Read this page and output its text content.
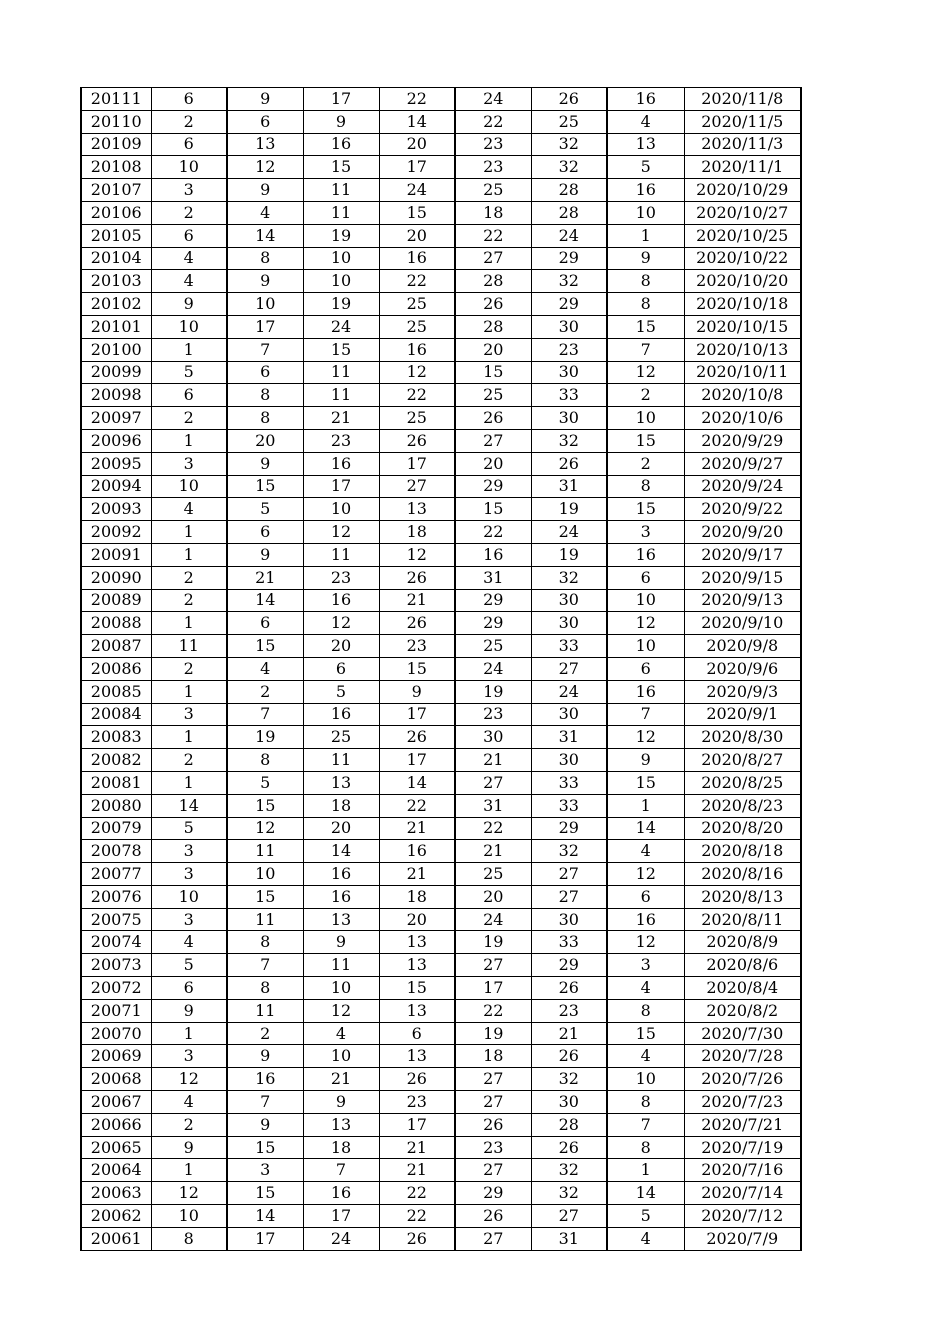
20111	6	9	17	22	24	26	16	2020/11/8
20110	2	6	9	14	22	25	4	2020/11/5
20109	6	13	16	20	23	32	13	2020/11/3
20108	10	12	15	17	23	32	5	2020/11/1
20107	3	9	11	24	25	28	16	2020/10/29
20106	2	4	11	15	18	28	10	2020/10/27
20105	6	14	19	20	22	24	1	2020/10/25
20104	4	8	10	16	27	29	9	2020/10/22
20103	4	9	10	22	28	32	8	2020/10/20
20102	9	10	19	25	26	29	8	2020/10/18
20101	10	17	24	25	28	30	15	2020/10/15
20100	1	7	15	16	20	23	7	2020/10/13
20099	5	6	11	12	15	30	12	2020/10/11
20098	6	8	11	22	25	33	2	2020/10/8
20097	2	8	21	25	26	30	10	2020/10/6
20096	1	20	23	26	27	32	15	2020/9/29
20095	3	9	16	17	20	26	2	2020/9/27
20094	10	15	17	27	29	31	8	2020/9/24
20093	4	5	10	13	15	19	15	2020/9/22
20092	1	6	12	18	22	24	3	2020/9/20
20091	1	9	11	12	16	19	16	2020/9/17
20090	2	21	23	26	31	32	6	2020/9/15
20089	2	14	16	21	29	30	10	2020/9/13
20088	1	6	12	26	29	30	12	2020/9/10
20087	11	15	20	23	25	33	10	2020/9/8
20086	2	4	6	15	24	27	6	2020/9/6
20085	1	2	5	9	19	24	16	2020/9/3
20084	3	7	16	17	23	30	7	2020/9/1
20083	1	19	25	26	30	31	12	2020/8/30
20082	2	8	11	17	21	30	9	2020/8/27
20081	1	5	13	14	27	33	15	2020/8/25
20080	14	15	18	22	31	33	1	2020/8/23
20079	5	12	20	21	22	29	14	2020/8/20
20078	3	11	14	16	21	32	4	2020/8/18
20077	3	10	16	21	25	27	12	2020/8/16
20076	10	15	16	18	20	27	6	2020/8/13
20075	3	11	13	20	24	30	16	2020/8/11
20074	4	8	9	13	19	33	12	2020/8/9
20073	5	7	11	13	27	29	3	2020/8/6
20072	6	8	10	15	17	26	4	2020/8/4
20071	9	11	12	13	22	23	8	2020/8/2
20070	1	2	4	6	19	21	15	2020/7/30
20069	3	9	10	13	18	26	4	2020/7/28
20068	12	16	21	26	27	32	10	2020/7/26
20067	4	7	9	23	27	30	8	2020/7/23
20066	2	9	13	17	26	28	7	2020/7/21
20065	9	15	18	21	23	26	8	2020/7/19
20064	1	3	7	21	27	32	1	2020/7/16
20063	12	15	16	22	29	32	14	2020/7/14
20062	10	14	17	22	26	27	5	2020/7/12
20061	8	17	24	26	27	31	4	2020/7/9
